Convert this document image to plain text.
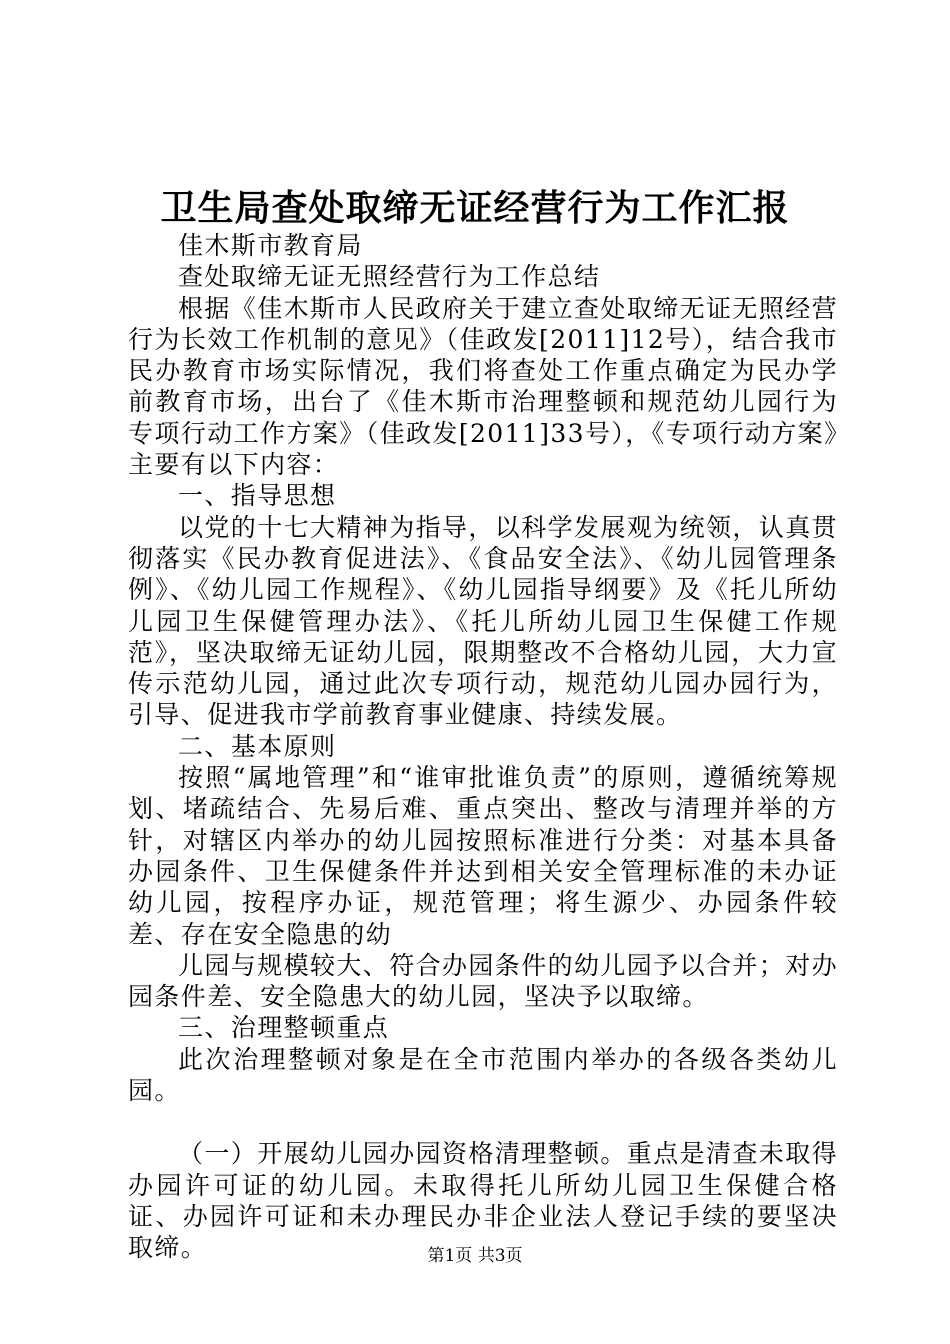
卫生局查处取缔无证经营行为工作汇报

佳木斯市教育局

查处取缔无证无照经营行为工作总结

根据《佳木斯市人民政府关于建立查处取缔无证无照经营行为长效工作机制的意见》（佳政发[2011]12号），结合我市民办教育市场实际情况，我们将查处工作重点确定为民办学前教育市场，出台了《佳木斯市治理整顿和规范幼儿园行为专项行动工作方案》（佳政发[2011]33号），《专项行动方案》主要有以下内容：

一、指导思想

以党的十七大精神为指导，以科学发展观为统领，认真贯彻落实《民办教育促进法》、《食品安全法》、《幼儿园管理条例》、《幼儿园工作规程》、《幼儿园指导纲要》及《托儿所幼儿园卫生保健管理办法》、《托儿所幼儿园卫生保健工作规范》，坚决取缔无证幼儿园，限期整改不合格幼儿园，大力宣传示范幼儿园，通过此次专项行动，规范幼儿园办园行为，引导、促进我市学前教育事业健康、持续发展。

二、基本原则

按照“属地管理”和“谁审批谁负责”的原则，遵循统筹规划、堵疏结合、先易后难、重点突出、整改与清理并举的方针，对辖区内举办的幼儿园按照标准进行分类：对基本具备办园条件、卫生保健条件并达到相关安全管理标准的未办证幼儿园，按程序办证，规范管理；将生源少、办园条件较差、存在安全隐患的幼

儿园与规模较大、符合办园条件的幼儿园予以合并；对办园条件差、安全隐患大的幼儿园，坚决予以取缔。

三、治理整顿重点

此次治理整顿对象是在全市范围内举办的各级各类幼儿园。

（一）开展幼儿园办园资格清理整顿。重点是清查未取得办园许可证的幼儿园。未取得托儿所幼儿园卫生保健合格证、办园许可证和未办理民办非企业法人登记手续的要坚决取缔。	第1页 共3页
